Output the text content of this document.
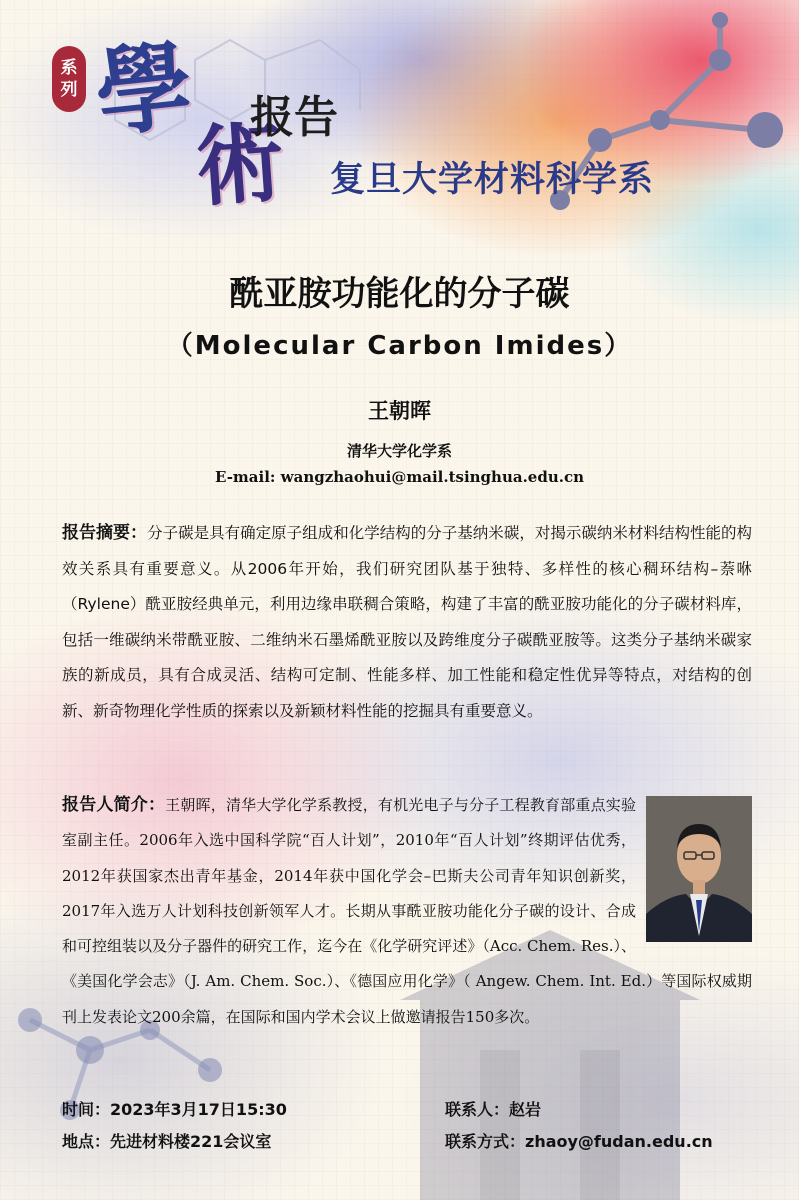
系
列 學
術
报告
复旦大学材料科学系
酰亚胺功能化的分子碳
（Molecular Carbon Imides）
王朝晖
清华大学化学系
E-mail: wangzhaohui@mail.tsinghua.edu.cn

报告摘要：分子碳是具有确定原子组成和化学结构的分子基纳米碳，对揭示碳纳米材料结构性能的构效关系具有重要意义。从2006年开始，我们研究团队基于独特、多样性的核心稠环结构–萘咻（Rylene）酰亚胺经典单元，利用边缘串联稠合策略，构建了丰富的酰亚胺功能化的分子碳材料库，包括一维碳纳米带酰亚胺、二维纳米石墨烯酰亚胺以及跨维度分子碳酰亚胺等。这类分子基纳米碳家族的新成员，具有合成灵活、结构可定制、性能多样、加工性能和稳定性优异等特点，对结构的创新、新奇物理化学性质的探索以及新颖材料性能的挖掘具有重要意义。

报告人简介：王朝晖，清华大学化学系教授，有机光电子与分子工程教育部重点实验室副主任。2006年入选中国科学院“百人计划”，2010年“百人计划”终期评估优秀，2012年获国家杰出青年基金，2014年获中国化学会–巴斯夫公司青年知识创新奖，2017年入选万人计划科技创新领军人才。长期从事酰亚胺功能化分子碳的设计、合成和可控组装以及分子器件的研究工作，迄今在《化学研究评述》（Acc. Chem. Res.）、《美国化学会志》（J. Am. Chem. Soc.）、《德国应用化学》（ Angew. Chem. Int. Ed.）等国际权威期刊上发表论文200余篇，在国际和国内学术会议上做邀请报告150多次。

时间：2023年3月17日15:30
地点：先进材料楼221会议室
联系人：赵岩
联系方式：zhaoy@fudan.edu.cn
